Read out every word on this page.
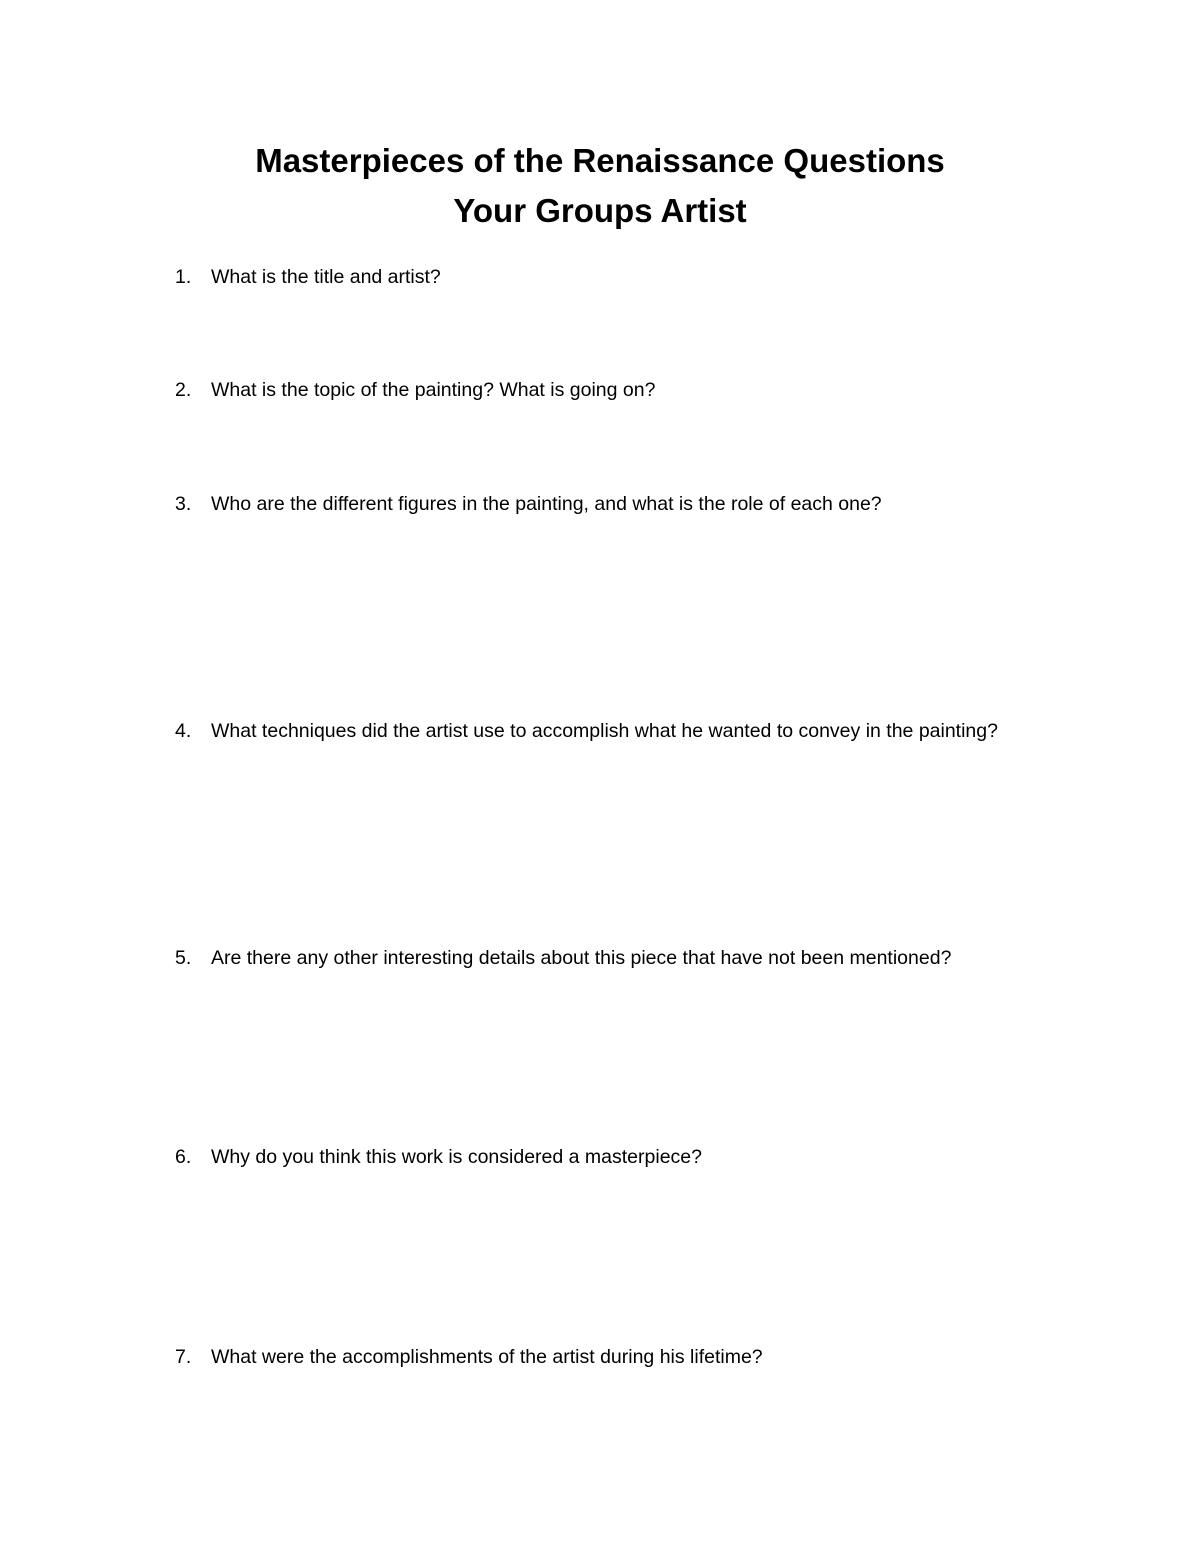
Masterpieces of the Renaissance Questions
Your Groups Artist
1.	What is the title and artist?
2.	What is the topic of the painting? What is going on?
3.	Who are the different figures in the painting, and what is the role of each one?
4.	What techniques did the artist use to accomplish what he wanted to convey in the painting?
5.	Are there any other interesting details about this piece that have not been mentioned?
6.	Why do you think this work is considered a masterpiece?
7.	What were the accomplishments of the artist during his lifetime?
